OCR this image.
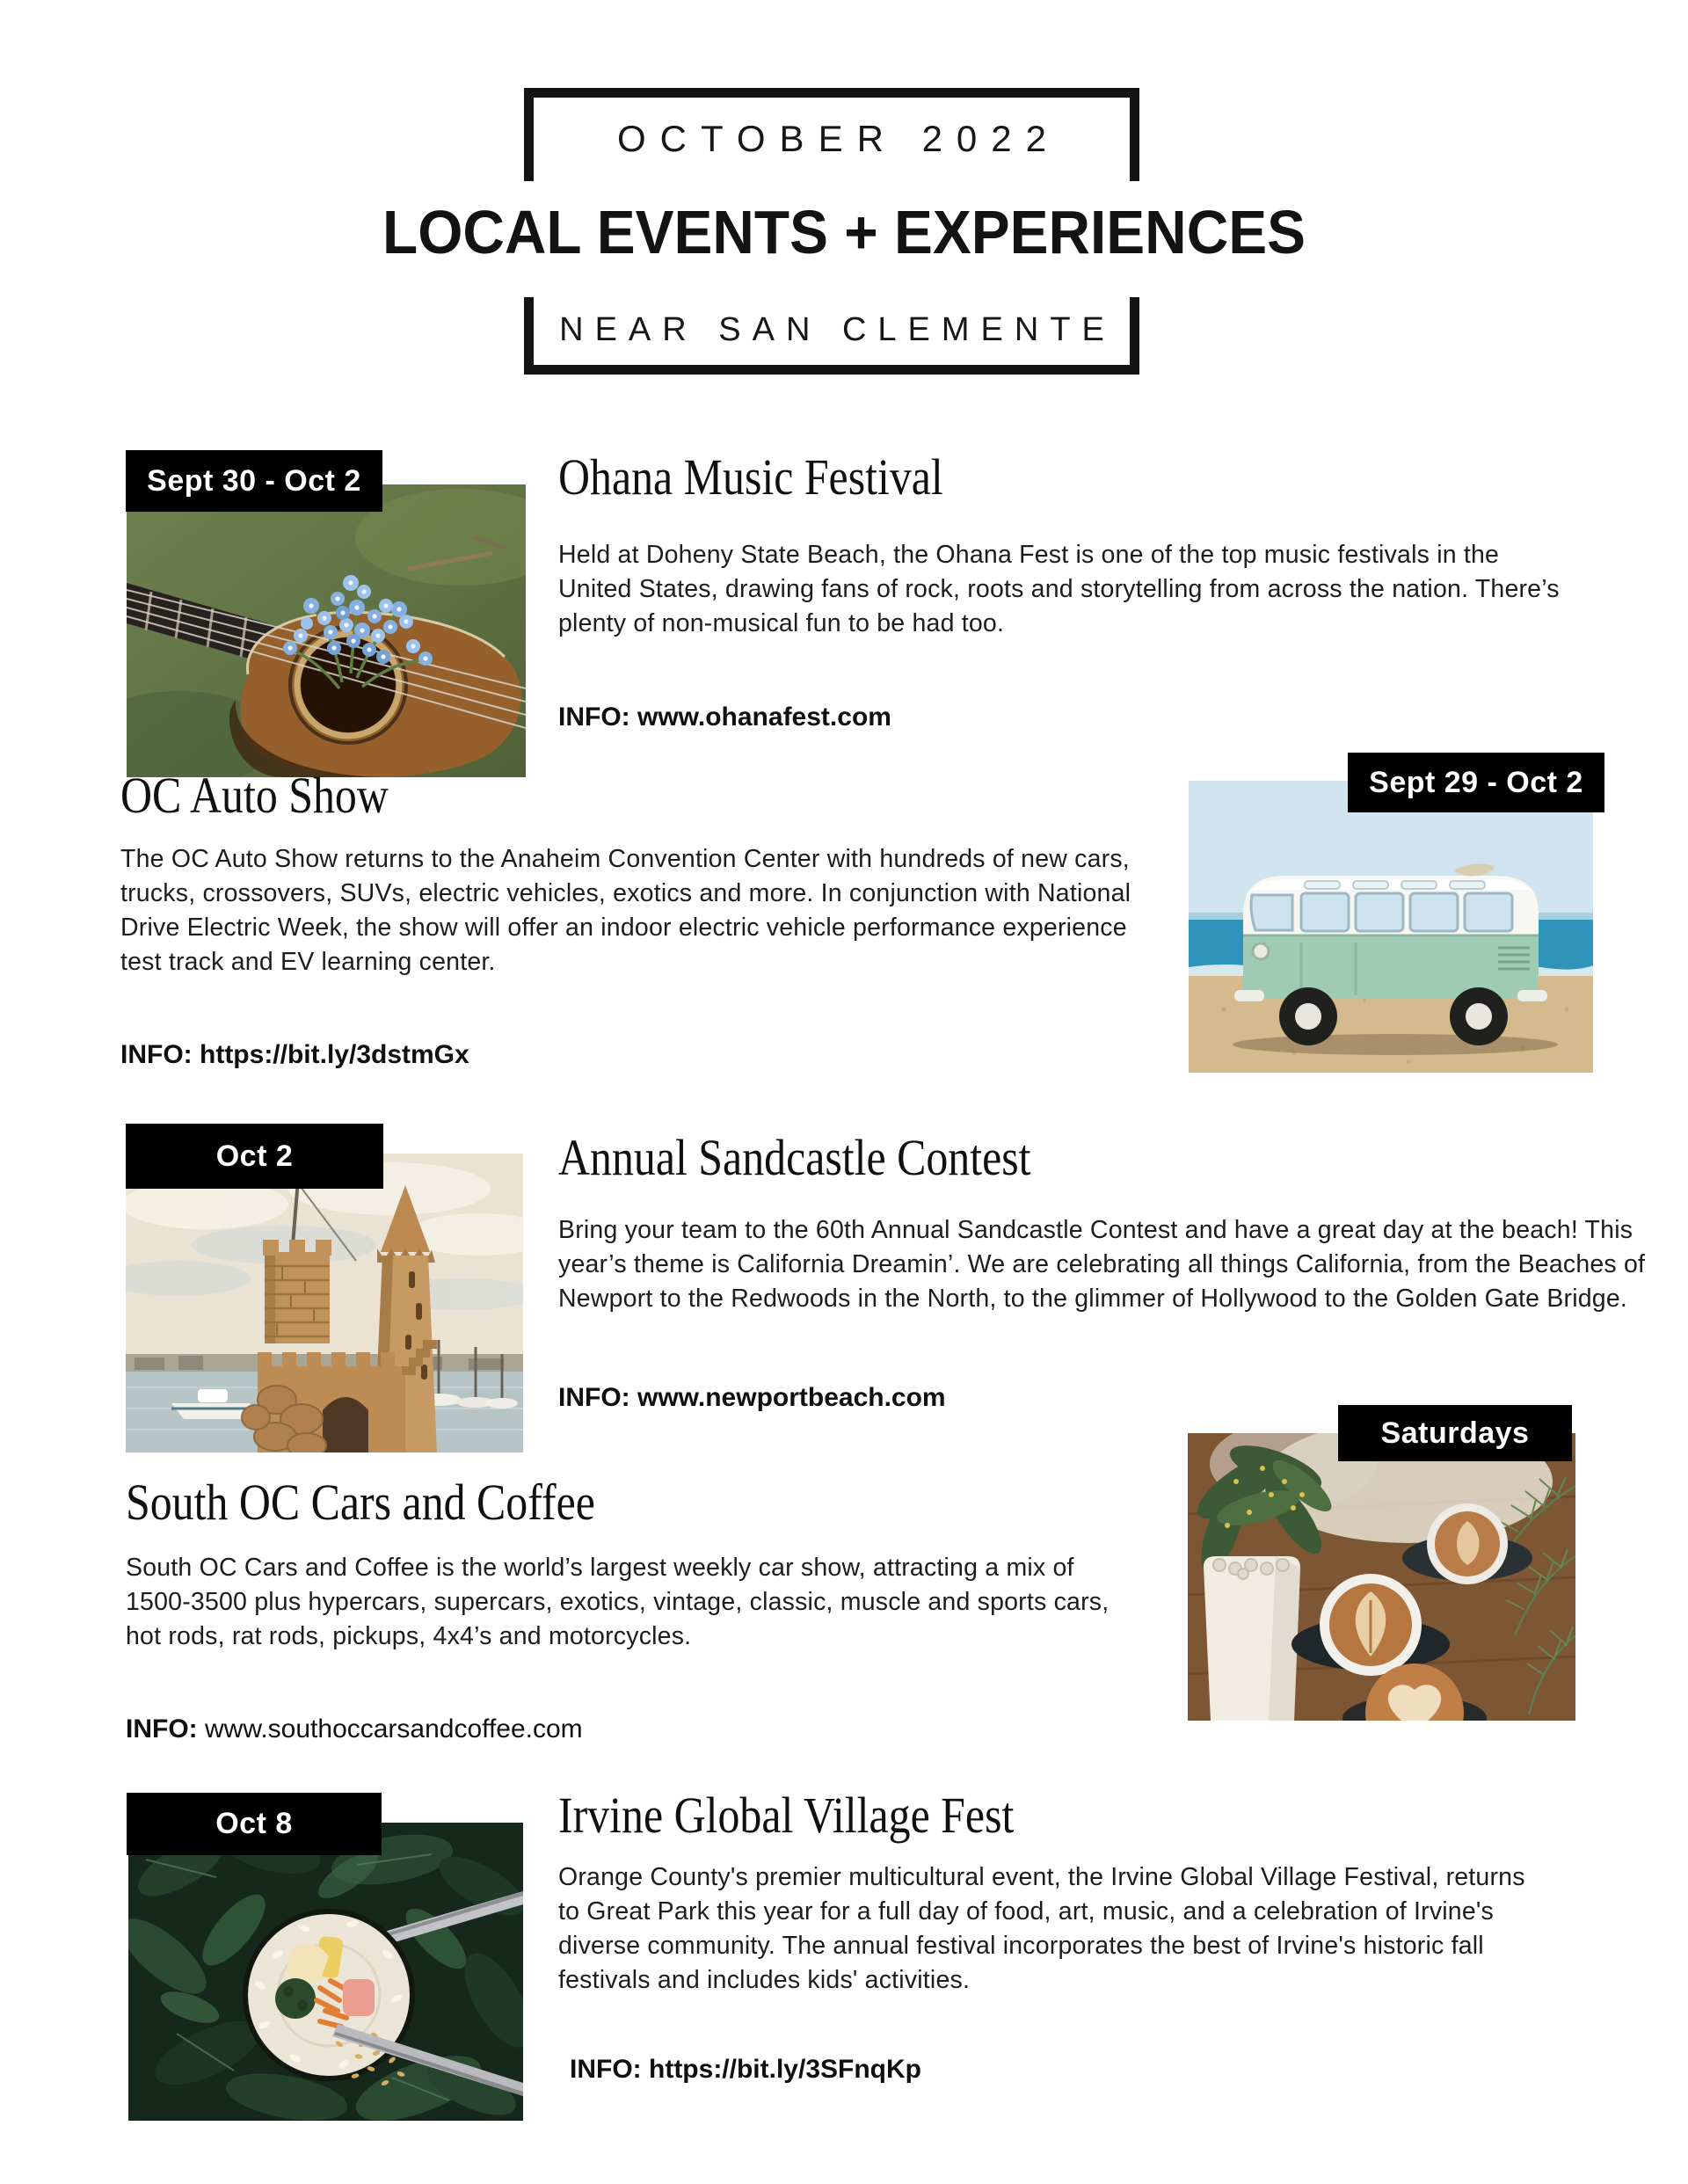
OCTOBER 2022
LOCAL EVENTS + EXPERIENCES
NEAR SAN CLEMENTE
Sept 30 - Oct 2	Ohana Music Festival
Held at Doheny State Beach, the Ohana Fest is one of the top music festivals in the United States, drawing fans of rock, roots and storytelling from across the nation. There’s plenty of non-musical fun to be had too.
INFO: www.ohanafest.com
Sept 29 - Oct 2
OC Auto Show
The OC Auto Show returns to the Anaheim Convention Center with hundreds of new cars, trucks, crossovers, SUVs, electric vehicles, exotics and more. In conjunction with National Drive Electric Week, the show will offer an indoor electric vehicle performance experience test track and EV learning center.
INFO: https://bit.ly/3dstmGx
Oct 2	Annual Sandcastle Contest
Bring your team to the 60th Annual Sandcastle Contest and have a great day at the beach! This year’s theme is California Dreamin’. We are celebrating all things California, from the Beaches of Newport to the Redwoods in the North, to the glimmer of Hollywood to the Golden Gate Bridge.
INFO: www.newportbeach.com
Saturdays
South OC Cars and Coffee
South OC Cars and Coffee is the world’s largest weekly car show, attracting a mix of 1500-3500 plus hypercars, supercars, exotics, vintage, classic, muscle and sports cars, hot rods, rat rods, pickups, 4x4’s and motorcycles.
INFO: www.southoccarsandcoffee.com
Oct 8	Irvine Global Village Fest
Orange County's premier multicultural event, the Irvine Global Village Festival, returns to Great Park this year for a full day of food, art, music, and a celebration of Irvine's diverse community. The annual festival incorporates the best of Irvine's historic fall festivals and includes kids' activities.
INFO: https://bit.ly/3SFnqKp
